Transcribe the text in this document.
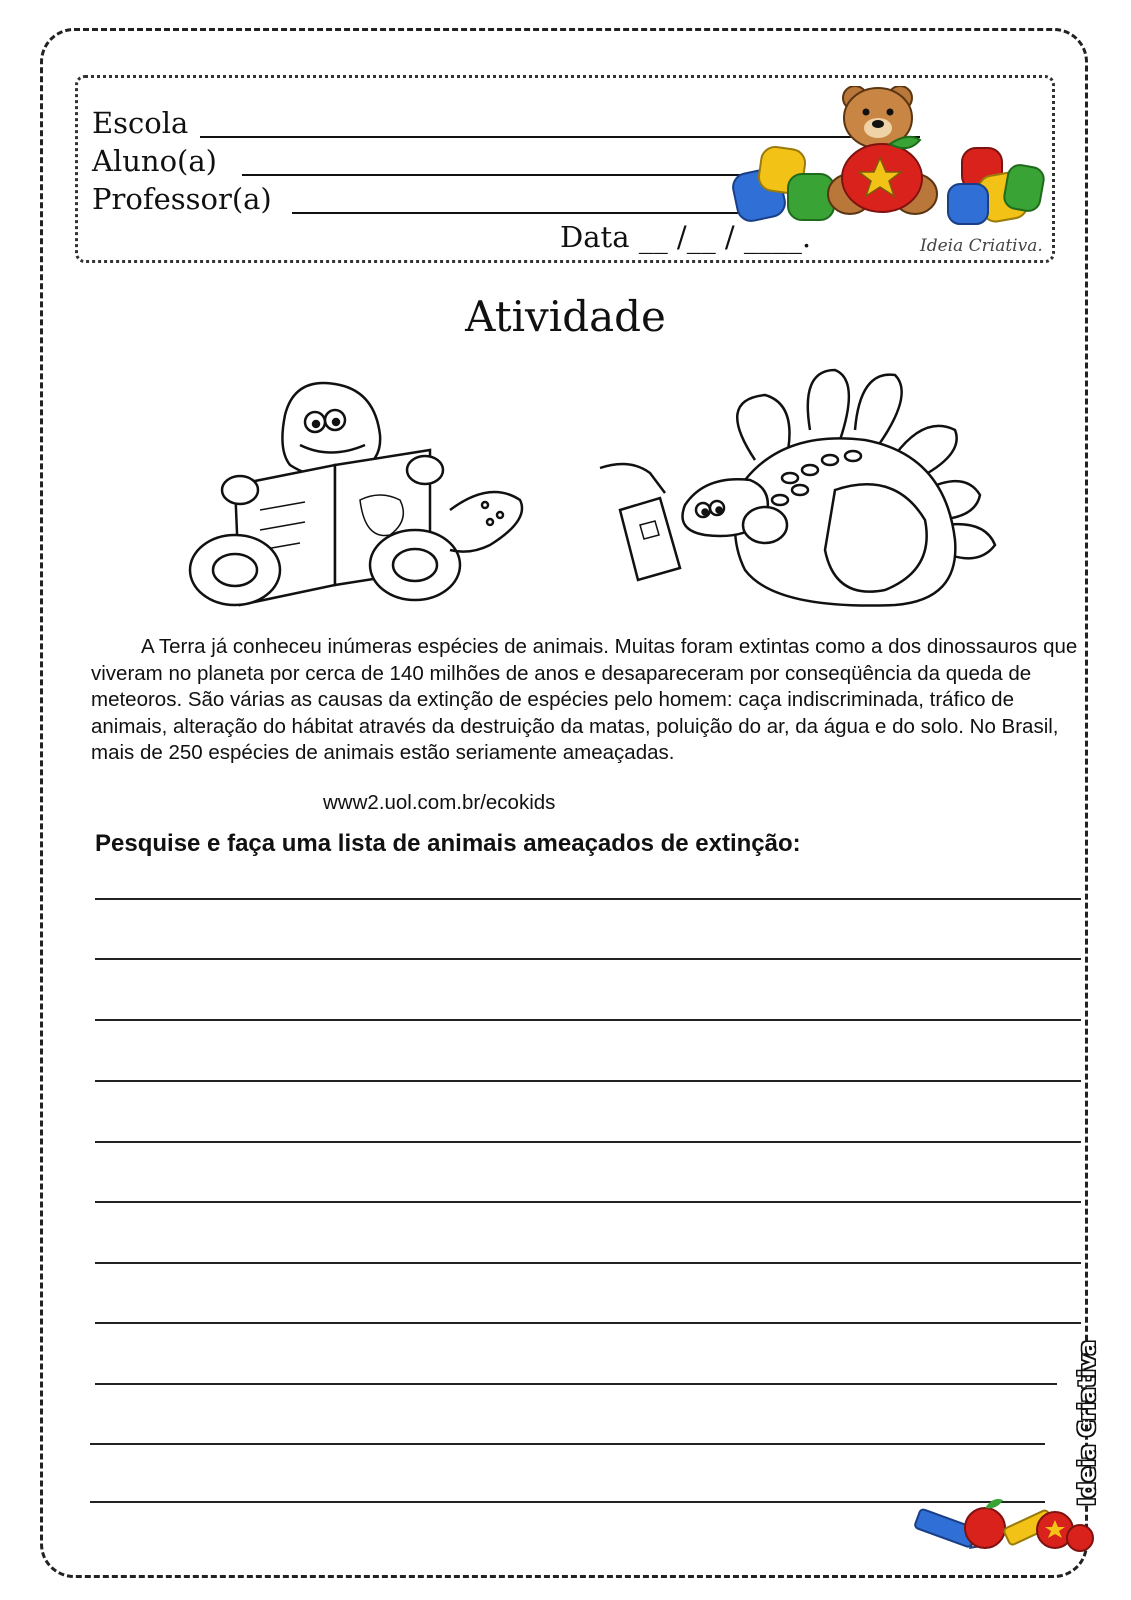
Escola
Aluno(a)
Professor(a)
Data __ /__ / ____.	Ideia Criativa.
Atividade

A Terra já conheceu inúmeras espécies de animais. Muitas foram extintas como a dos dinossauros que viveram no planeta por cerca de 140 milhões de anos e desapareceram por conseqüência da queda de meteoros. São várias as causas da extinção de espécies pelo homem: caça indiscriminada, tráfico de animais, alteração do hábitat através da destruição da matas, poluição do ar, da água e do solo. No Brasil, mais de 250 espécies de animais estão seriamente ameaçadas.

www2.uol.com.br/ecokids
Pesquise e faça uma lista de animais ameaçados de extinção:
Ideia Criativa
